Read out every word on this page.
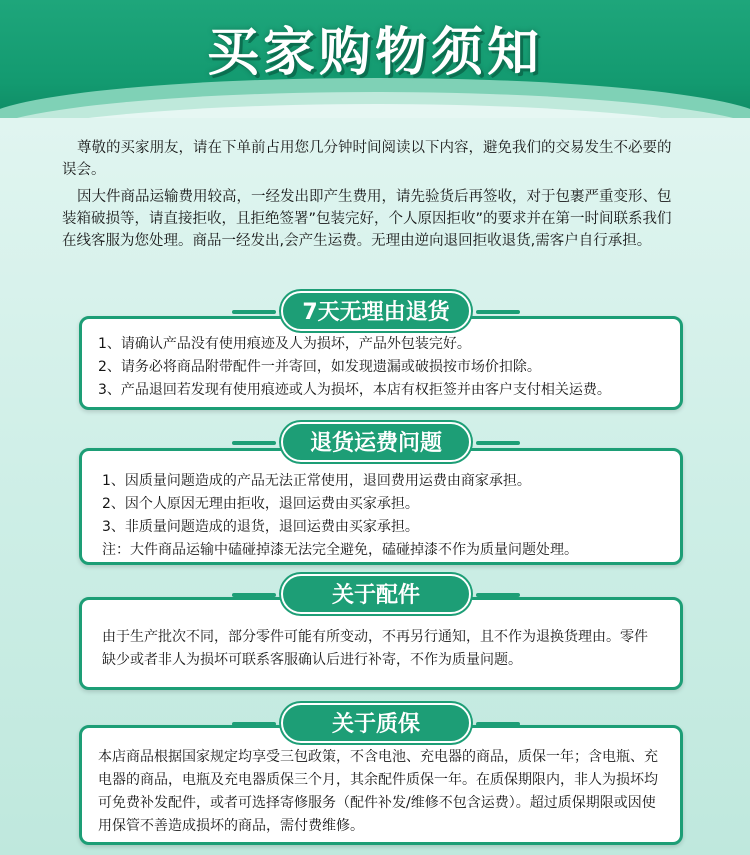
买家购物须知

尊敬的买家朋友，请在下单前占用您几分钟时间阅读以下内容，避免我们的交易发生不必要的误会。

因大件商品运输费用较高，一经发出即产生费用，请先验货后再签收，对于包裹严重变形、包装箱破损等，请直接拒收，且拒绝签署”包装完好，个人原因拒收”的要求并在第一时间联系我们在线客服为您处理。商品一经发出,会产生运费。无理由逆向退回拒收退货,需客户自行承担。

1、请确认产品没有使用痕迹及人为损坏，产品外包装完好。
2、请务必将商品附带配件一并寄回，如发现遗漏或破损按市场价扣除。
3、产品退回若发现有使用痕迹或人为损坏，本店有权拒签并由客户支付相关运费。
7天无理由退货
1、因质量问题造成的产品无法正常使用，退回费用运费由商家承担。
2、因个人原因无理由拒收，退回运费由买家承担。
3、非质量问题造成的退货，退回运费由买家承担。
注：大件商品运输中磕碰掉漆无法完全避免，磕碰掉漆不作为质量问题处理。
退货运费问题
由于生产批次不同，部分零件可能有所变动，不再另行通知，且不作为退换货理由。零件缺少或者非人为损坏可联系客服确认后进行补寄，不作为质量问题。
关于配件
本店商品根据国家规定均享受三包政策，不含电池、充电器的商品，质保一年；含电瓶、充电器的商品，电瓶及充电器质保三个月，其余配件质保一年。在质保期限内，非人为损坏均可免费补发配件，或者可选择寄修服务（配件补发/维修不包含运费）。超过质保期限或因使用保管不善造成损坏的商品，需付费维修。
关于质保
